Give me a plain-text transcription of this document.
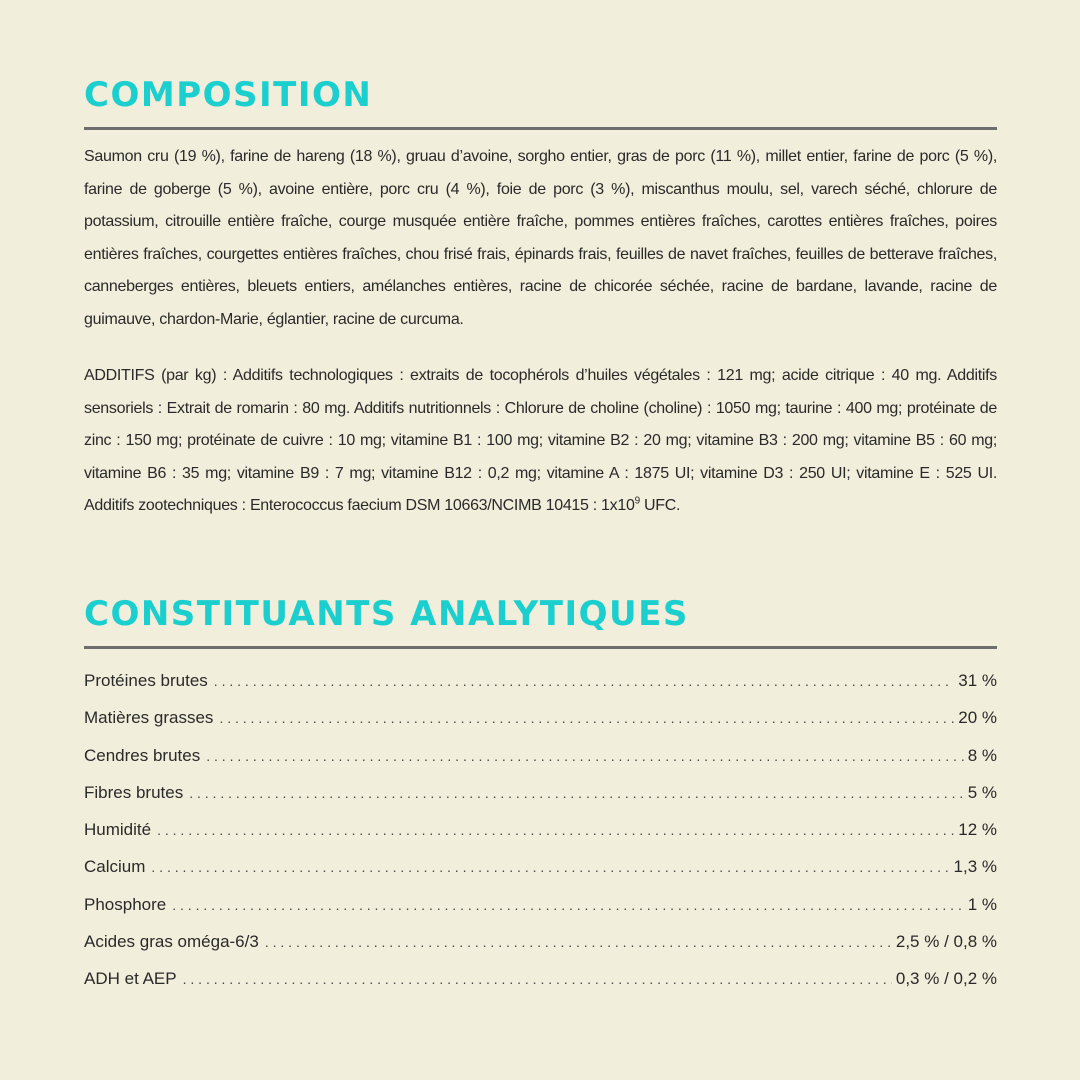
COMPOSITION

Saumon cru (19 %), farine de hareng (18 %), gruau d’avoine, sorgho entier, gras de porc (11 %), millet entier, farine de porc (5 %), farine de goberge (5 %), avoine entière, porc cru (4 %), foie de porc (3 %), miscanthus moulu, sel, varech séché, chlorure de potassium, citrouille entière fraîche, courge musquée entière fraîche, pommes entières fraîches, carottes entières fraîches, poires entières fraîches, courgettes entières fraîches, chou frisé frais, épinards frais, feuilles de navet fraîches, feuilles de betterave fraîches, canneberges entières, bleuets entiers, amélanches entières, racine de chicorée séchée, racine de bardane, lavande, racine de guimauve, chardon-Marie, églantier, racine de curcuma.

ADDITIFS (par kg) : Additifs technologiques : extraits de tocophérols d’huiles végétales : 121 mg; acide citrique : 40 mg. Additifs sensoriels : Extrait de romarin : 80 mg. Additifs nutritionnels : Chlorure de choline (choline) : 1050 mg; taurine : 400 mg; protéinate de zinc : 150 mg; protéinate de cuivre : 10 mg; vitamine B1 : 100 mg; vitamine B2 : 20 mg; vitamine B3 : 200 mg; vitamine B5 : 60 mg; vitamine B6 : 35 mg; vitamine B9 : 7 mg; vitamine B12 : 0,2 mg; vitamine A : 1875 UI; vitamine D3 : 250 UI; vitamine E : 525 UI. Additifs zootechniques : Enterococcus faecium DSM 10663/NCIMB 10415 : $1x10^9$ UFC.

CONSTITUANTS ANALYTIQUES
Protéines brutes . . .	31 %
Matières grasses . . .	20 %
Cendres brutes . . .	8 %
Fibres brutes . . .	5 %
Humidité . . .	12 %
Calcium . . .	1,3 %
Phosphore . . .	1 %
Acides gras oméga-6/3 . . .	2,5 % / 0,8 %
ADH et AEP . . .	0,3 % / 0,2 %
